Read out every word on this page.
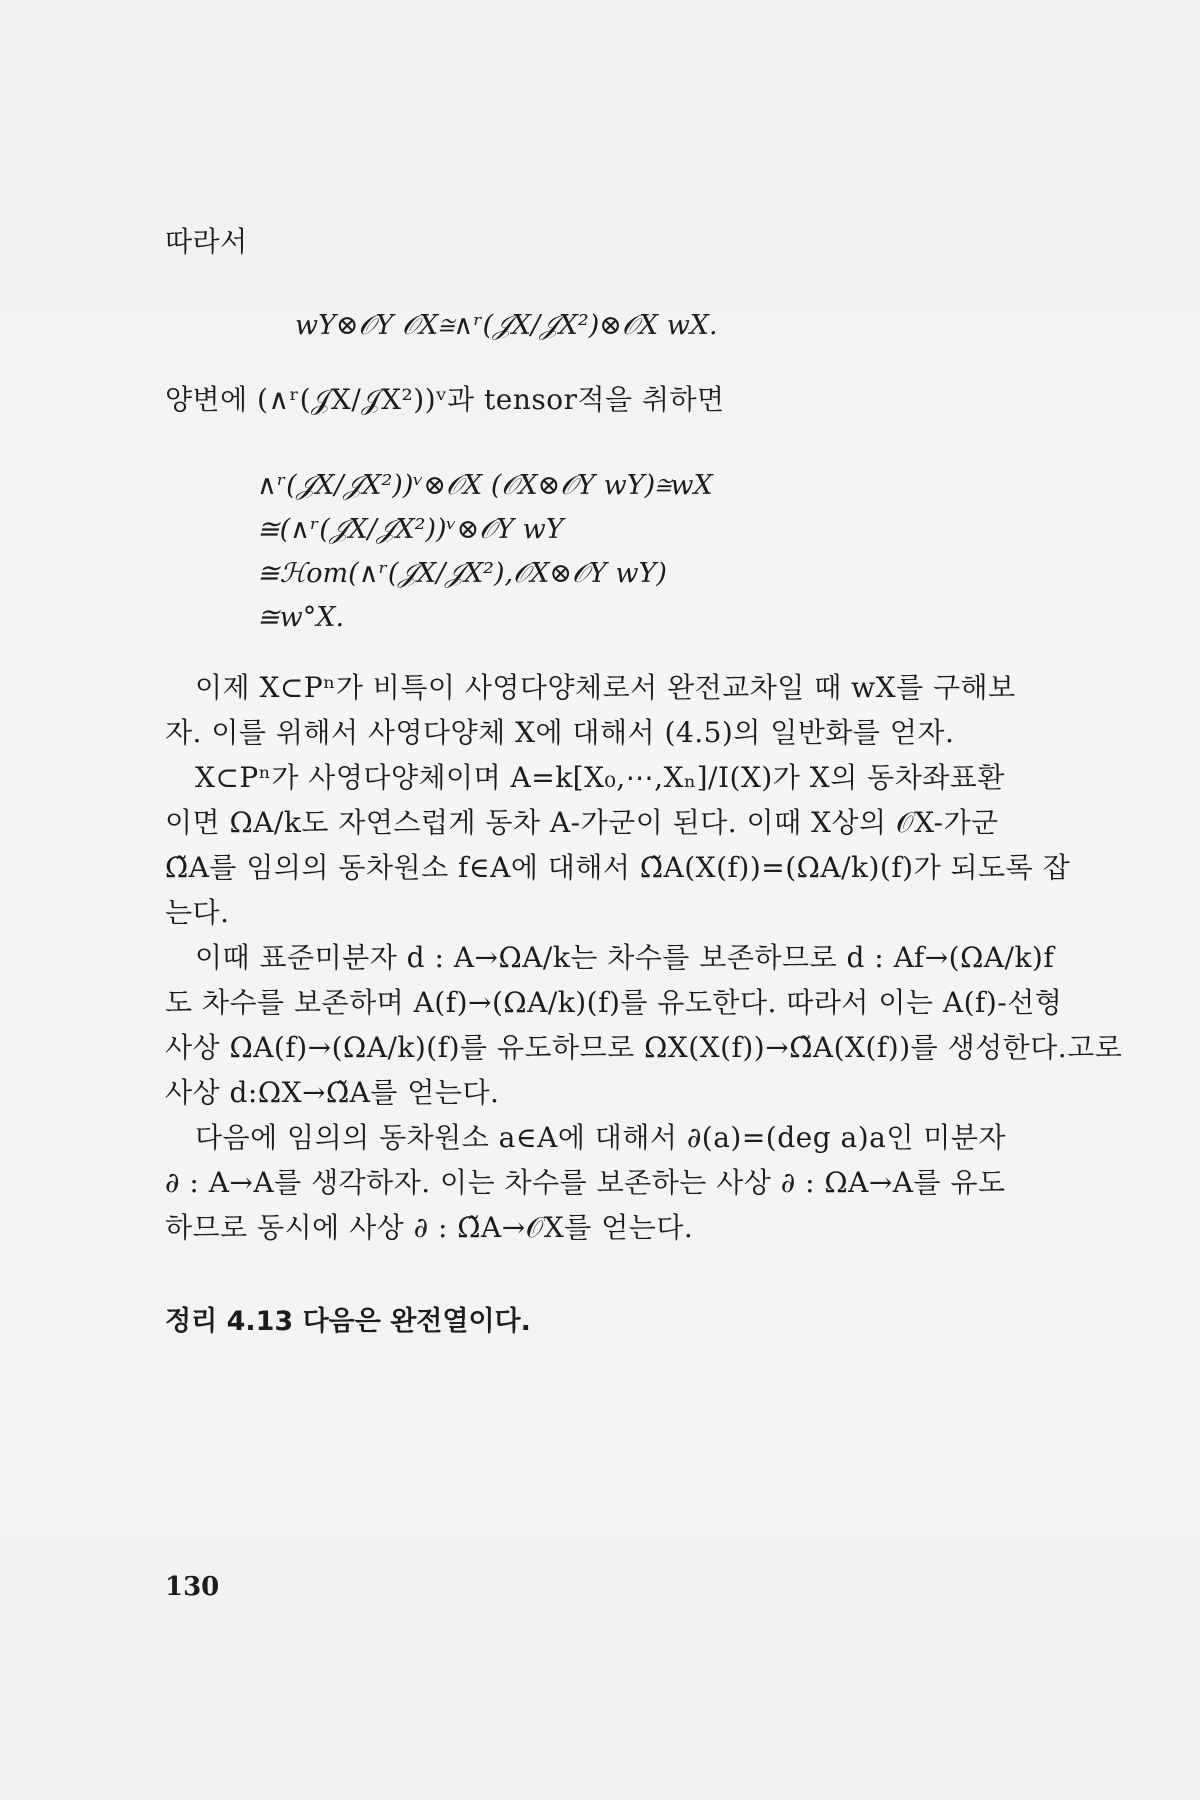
따라서
wY⊗𝒪Y 𝒪X≅∧ʳ(𝒥X/𝒥X²)⊗𝒪X wX.
양변에 (∧ʳ(𝒥X/𝒥X²))ᵛ과 tensor적을 취하면
∧ʳ(𝒥X/𝒥X²))ᵛ⊗𝒪X (𝒪X⊗𝒪Y wY)≅wX
≅(∧ʳ(𝒥X/𝒥X²))ᵛ⊗𝒪Y wY
≅ℋom(∧ʳ(𝒥X/𝒥X²),𝒪X⊗𝒪Y wY)
≅w°X.
이제 X⊂Pⁿ가 비특이 사영다양체로서 완전교차일 때 wX를 구해보
자. 이를 위해서 사영다양체 X에 대해서 (4.5)의 일반화를 얻자.
X⊂Pⁿ가 사영다양체이며 A=k[X₀,⋯,Xₙ]/I(X)가 X의 동차좌표환
이면 ΩA/k도 자연스럽게 동차 A-가군이 된다. 이때 X상의 𝒪X-가군
Ω̃A를 임의의 동차원소 f∈A에 대해서 Ω̃A(X(f))=(ΩA/k)(f)가 되도록 잡
는다.
이때 표준미분자 d : A→ΩA/k는 차수를 보존하므로 d : Af→(ΩA/k)f
도 차수를 보존하며 A(f)→(ΩA/k)(f)를 유도한다. 따라서 이는 A(f)-선형
사상 ΩA(f)→(ΩA/k)(f)를 유도하므로 ΩX(X(f))→Ω̃A(X(f))를 생성한다.고로
사상 d:ΩX→Ω̃A를 얻는다.
다음에 임의의 동차원소 a∈A에 대해서 ∂(a)=(deg a)a인 미분자
∂ : A→A를 생각하자. 이는 차수를 보존하는 사상 ∂ : ΩA→A를 유도
하므로 동시에 사상 ∂ : Ω̃A→𝒪X를 얻는다.
정리 4.13 다음은 완전열이다.
130
